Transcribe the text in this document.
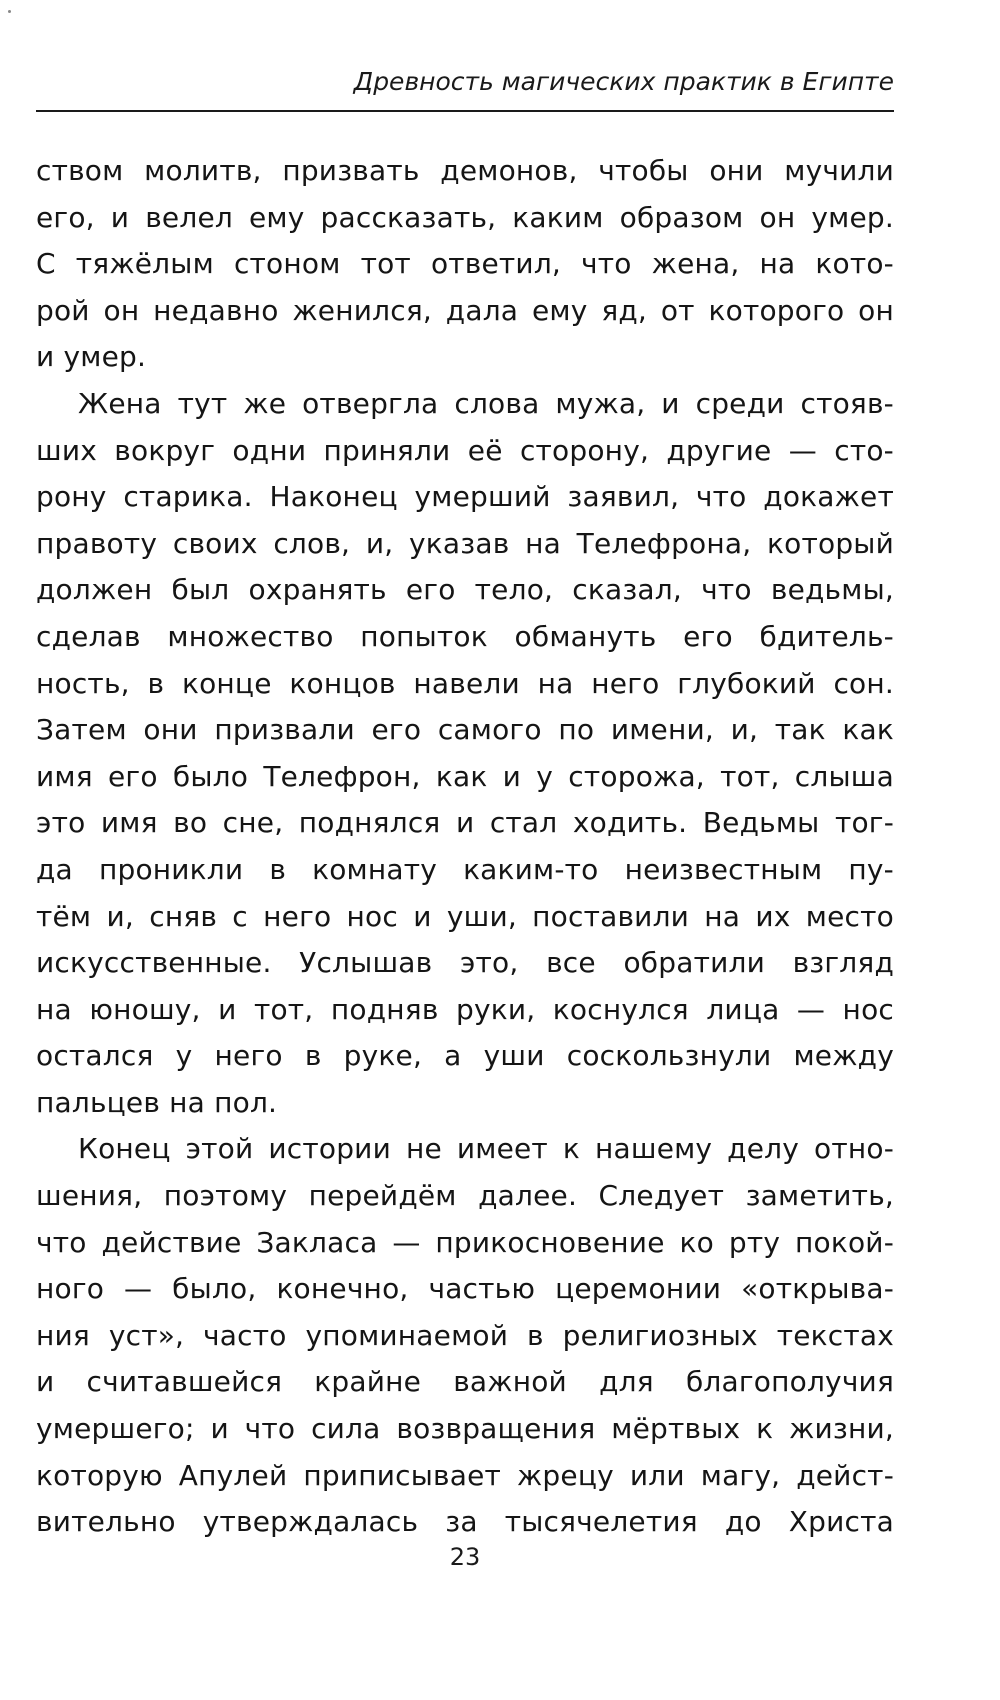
Древность магических практик в Египте
ством молитв, призвать демонов, чтобы они мучили
его, и велел ему рассказать, каким образом он умер.
С тяжёлым стоном тот ответил, что жена, на кото-
рой он недавно женился, дала ему яд, от которого он
и умер.
Жена тут же отвергла слова мужа, и среди стояв-
ших вокруг одни приняли её сторону, другие — сто-
рону старика. Наконец умерший заявил, что докажет
правоту своих слов, и, указав на Телефрона, который
должен был охранять его тело, сказал, что ведьмы,
сделав множество попыток обмануть его бдитель-
ность, в конце концов навели на него глубокий сон.
Затем они призвали его самого по имени, и, так как
имя его было Телефрон, как и у сторожа, тот, слыша
это имя во сне, поднялся и стал ходить. Ведьмы тог-
да проникли в комнату каким-то неизвестным пу-
тём и, сняв с него нос и уши, поставили на их место
искусственные. Услышав это, все обратили взгляд
на юношу, и тот, подняв руки, коснулся лица — нос
остался у него в руке, а уши соскользнули между
пальцев на пол.
Конец этой истории не имеет к нашему делу отно-
шения, поэтому перейдём далее. Следует заметить,
что действие Закласа — прикосновение ко рту покой-
ного — было, конечно, частью церемонии «открыва-
ния уст», часто упоминаемой в религиозных текстах
и считавшейся крайне важной для благополучия
умершего; и что сила возвращения мёртвых к жизни,
которую Апулей приписывает жрецу или магу, дейст-
вительно утверждалась за тысячелетия до Христа
23
